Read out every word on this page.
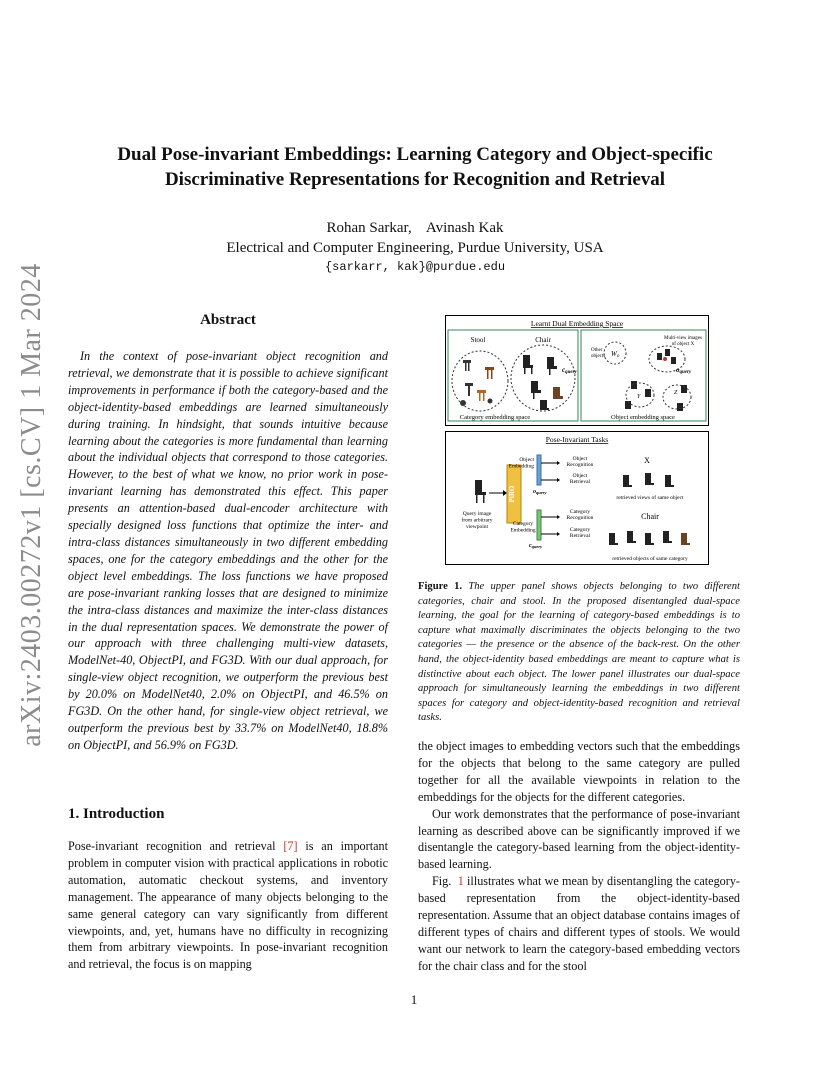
arXiv:2403.00272v1 [cs.CV] 1 Mar 2024
Dual Pose-invariant Embeddings: Learning Category and Object-specific Discriminative Representations for Recognition and Retrieval
Rohan Sarkar,    Avinash Kak
Electrical and Computer Engineering, Purdue University, USA
{sarkarr, kak}@purdue.edu
Abstract
In the context of pose-invariant object recognition and retrieval, we demonstrate that it is possible to achieve significant improvements in performance if both the category-based and the object-identity-based embeddings are learned simultaneously during training. In hindsight, that sounds intuitive because learning about the categories is more fundamental than learning about the individual objects that correspond to those categories. However, to the best of what we know, no prior work in pose-invariant learning has demonstrated this effect. This paper presents an attention-based dual-encoder architecture with specially designed loss functions that optimize the inter- and intra-class distances simultaneously in two different embedding spaces, one for the category embeddings and the other for the object level embeddings. The loss functions we have proposed are pose-invariant ranking losses that are designed to minimize the intra-class distances and maximize the inter-class distances in the dual representation spaces. We demonstrate the power of our approach with three challenging multi-view datasets, ModelNet-40, ObjectPI, and FG3D. With our dual approach, for single-view object recognition, we outperform the previous best by 20.0% on ModelNet40, 2.0% on ObjectPI, and 46.5% on FG3D. On the other hand, for single-view object retrieval, we outperform the previous best by 33.7% on ModelNet40, 18.8% on ObjectPI, and 56.9% on FG3D.
1. Introduction
Pose-invariant recognition and retrieval [7] is an important problem in computer vision with practical applications in robotic automation, automatic checkout systems, and inventory management. The appearance of many objects belonging to the same general category can vary significantly from different viewpoints, and, yet, humans have no difficulty in recognizing them from arbitrary viewpoints. In pose-invariant recognition and retrieval, the focus is on mapping
Learnt Dual Embedding Space
Stool	Chair
cquery
Category embedding space
Other objects Wo
Multi-view images of object X
oquery
Y
Z
Object embedding space
Pose-Invariant Tasks
Query image from arbitrary viewpoint
PiRO
Object Embedding
oquery
Category Embedding
cquery
Object Recognition
Object Retrieval
Category Recognition
Category Retrieval
X
Chair
retrieved views of same object
retrieved objects of same category
Figure 1. The upper panel shows objects belonging to two different categories, chair and stool. In the proposed disentangled dual-space learning, the goal for the learning of category-based embeddings is to capture what maximally discriminates the objects belonging to the two categories — the presence or the absence of the back-rest. On the other hand, the object-identity based embeddings are meant to capture what is distinctive about each object. The lower panel illustrates our dual-space approach for simultaneously learning the embeddings in two different spaces for category and object-identity-based recognition and retrieval tasks.

the object images to embedding vectors such that the embeddings for the objects that belong to the same category are pulled together for all the available viewpoints in relation to the embeddings for the objects for the different categories.

Our work demonstrates that the performance of pose-invariant learning as described above can be significantly improved if we disentangle the category-based learning from the object-identity-based learning.

Fig.  1 illustrates what we mean by disentangling the category-based representation from the object-identity-based representation. Assume that an object database contains images of different types of chairs and different types of stools. We would want our network to learn the category-based embedding vectors for the chair class and for the stool

1
